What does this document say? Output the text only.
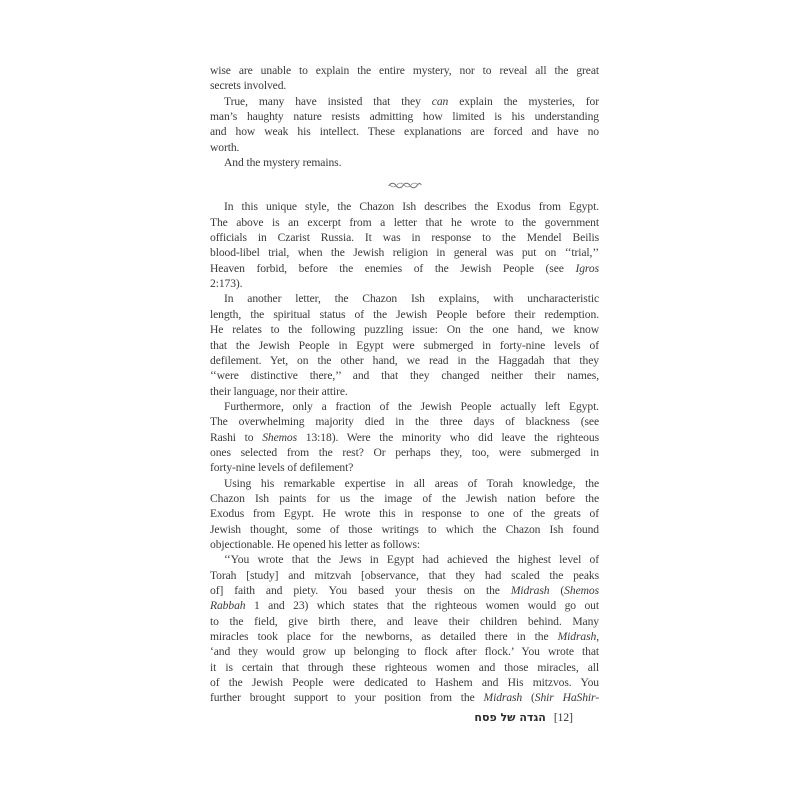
wise are unable to explain the entire mystery, nor to reveal all the great
secrets involved.
True, many have insisted that they can explain the mysteries, for
man’s haughty nature resists admitting how limited is his understanding
and how weak his intellect. These explanations are forced and have no
worth.
And the mystery remains.
In this unique style, the Chazon Ish describes the Exodus from Egypt.
The above is an excerpt from a letter that he wrote to the government
officials in Czarist Russia. It was in response to the Mendel Beilis
blood-libel trial, when the Jewish religion in general was put on ‘‘trial,’’
Heaven forbid, before the enemies of the Jewish People (see Igros
2:173).
In another letter, the Chazon Ish explains, with uncharacteristic
length, the spiritual status of the Jewish People before their redemption.
He relates to the following puzzling issue: On the one hand, we know
that the Jewish People in Egypt were submerged in forty-nine levels of
defilement. Yet, on the other hand, we read in the Haggadah that they
‘‘were distinctive there,’’ and that they changed neither their names,
their language, nor their attire.
Furthermore, only a fraction of the Jewish People actually left Egypt.
The overwhelming majority died in the three days of blackness (see
Rashi to Shemos 13:18). Were the minority who did leave the righteous
ones selected from the rest? Or perhaps they, too, were submerged in
forty-nine levels of defilement?
Using his remarkable expertise in all areas of Torah knowledge, the
Chazon Ish paints for us the image of the Jewish nation before the
Exodus from Egypt. He wrote this in response to one of the greats of
Jewish thought, some of those writings to which the Chazon Ish found
objectionable. He opened his letter as follows:
‘‘You wrote that the Jews in Egypt had achieved the highest level of
Torah [study] and mitzvah [observance, that they had scaled the peaks
of] faith and piety. You based your thesis on the Midrash (Shemos
Rabbah 1 and 23) which states that the righteous women would go out
to the field, give birth there, and leave their children behind. Many
miracles took place for the newborns, as detailed there in the Midrash,
‘and they would grow up belonging to flock after flock.’ You wrote that
it is certain that through these righteous women and those miracles, all
of the Jewish People were dedicated to Hashem and His mitzvos. You
further brought support to your position from the Midrash (Shir HaShir-
הגדה של פסח [12]
